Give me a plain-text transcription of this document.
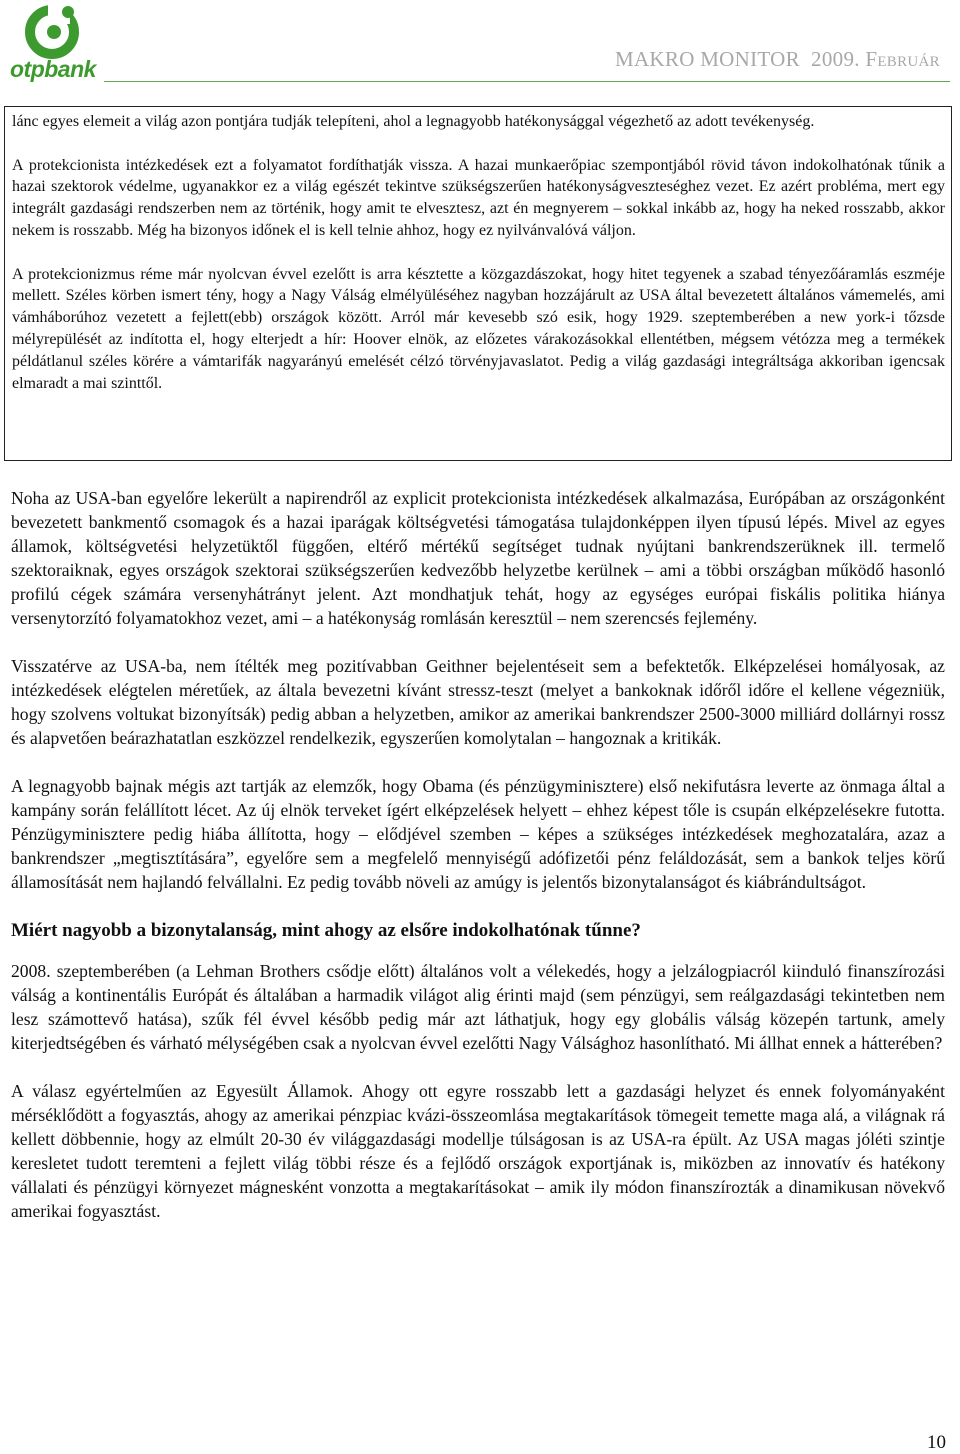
otpbank	MAKRO MONITOR 2009. FEBRUÁR

lánc egyes elemeit a világ azon pontjára tudják telepíteni, ahol a legnagyobb hatékonysággal végezhető az adott tevékenység.

A protekcionista intézkedések ezt a folyamatot fordíthatják vissza. A hazai munkaerőpiac szempontjából rövid távon indokolhatónak tűnik a hazai szektorok védelme, ugyanakkor ez a világ egészét tekintve szükségszerűen hatékonyságveszteséghez vezet. Ez azért probléma, mert egy integrált gazdasági rendszerben nem az történik, hogy amit te elvesztesz, azt én megnyerem – sokkal inkább az, hogy ha neked rosszabb, akkor nekem is rosszabb. Még ha bizonyos időnek el is kell telnie ahhoz, hogy ez nyilvánvalóvá váljon.

A protekcionizmus réme már nyolcvan évvel ezelőtt is arra késztette a közgazdászokat, hogy hitet tegyenek a szabad tényezőáramlás eszméje mellett. Széles körben ismert tény, hogy a Nagy Válság elmélyüléséhez nagyban hozzájárult az USA által bevezetett általános vámemelés, ami vámháborúhoz vezetett a fejlett(ebb) országok között. Arról már kevesebb szó esik, hogy 1929. szeptemberében a new york-i tőzsde mélyrepülését az indította el, hogy elterjedt a hír: Hoover elnök, az előzetes várakozásokkal ellentétben, mégsem vétózza meg a termékek példátlanul széles körére a vámtarifák nagyarányú emelését célzó törvényjavaslatot. Pedig a világ gazdasági integráltsága akkoriban igencsak elmaradt a mai szinttől.

Noha az USA-ban egyelőre lekerült a napirendről az explicit protekcionista intézkedések alkalmazása, Európában az országonként bevezetett bankmentő csomagok és a hazai iparágak költségvetési támogatása tulajdonképpen ilyen típusú lépés. Mivel az egyes államok, költségvetési helyzetüktől függően, eltérő mértékű segítséget tudnak nyújtani bankrendszerüknek ill. termelő szektoraiknak, egyes országok szektorai szükségszerűen kedvezőbb helyzetbe kerülnek – ami a többi országban működő hasonló profilú cégek számára versenyhátrányt jelent. Azt mondhatjuk tehát, hogy az egységes európai fiskális politika hiánya versenytorzító folyamatokhoz vezet, ami – a hatékonyság romlásán keresztül – nem szerencsés fejlemény.

Visszatérve az USA-ba, nem ítélték meg pozitívabban Geithner bejelentéseit sem a befektetők. Elképzelései homályosak, az intézkedések elégtelen méretűek, az általa bevezetni kívánt stressz-teszt (melyet a bankoknak időről időre el kellene végezniük, hogy szolvens voltukat bizonyítsák) pedig abban a helyzetben, amikor az amerikai bankrendszer 2500-3000 milliárd dollárnyi rossz és alapvetően beárazhatatlan eszközzel rendelkezik, egyszerűen komolytalan – hangoznak a kritikák.

A legnagyobb bajnak mégis azt tartják az elemzők, hogy Obama (és pénzügyminisztere) első nekifutásra leverte az önmaga által a kampány során felállított lécet. Az új elnök terveket ígért elképzelések helyett – ehhez képest tőle is csupán elképzelésekre futotta. Pénzügyminisztere pedig hiába állította, hogy – elődjével szemben – képes a szükséges intézkedések meghozatalára, azaz a bankrendszer „megtisztítására”, egyelőre sem a megfelelő mennyiségű adófizetői pénz feláldozását, sem a bankok teljes körű államosítását nem hajlandó felvállalni. Ez pedig tovább növeli az amúgy is jelentős bizonytalanságot és kiábrándultságot.

Miért nagyobb a bizonytalanság, mint ahogy az elsőre indokolhatónak tűnne?

2008. szeptemberében (a Lehman Brothers csődje előtt) általános volt a vélekedés, hogy a jelzálogpiacról kiinduló finanszírozási válság a kontinentális Európát és általában a harmadik világot alig érinti majd (sem pénzügyi, sem reálgazdasági tekintetben nem lesz számottevő hatása), szűk fél évvel később pedig már azt láthatjuk, hogy egy globális válság közepén tartunk, amely kiterjedtségében és várható mélységében csak a nyolcvan évvel ezelőtti Nagy Válsághoz hasonlítható. Mi állhat ennek a hátterében?

A válasz egyértelműen az Egyesült Államok. Ahogy ott egyre rosszabb lett a gazdasági helyzet és ennek folyományaként mérséklődött a fogyasztás, ahogy az amerikai pénzpiac kvázi-összeomlása megtakarítások tömegeit temette maga alá, a világnak rá kellett döbbennie, hogy az elmúlt 20-30 év világgazdasági modellje túlságosan is az USA-ra épült. Az USA magas jóléti szintje keresletet tudott teremteni a fejlett világ többi része és a fejlődő országok exportjának is, miközben az innovatív és hatékony vállalati és pénzügyi környezet mágnesként vonzotta a megtakarításokat – amik ily módon finanszírozták a dinamikusan növekvő amerikai fogyasztást.

10
